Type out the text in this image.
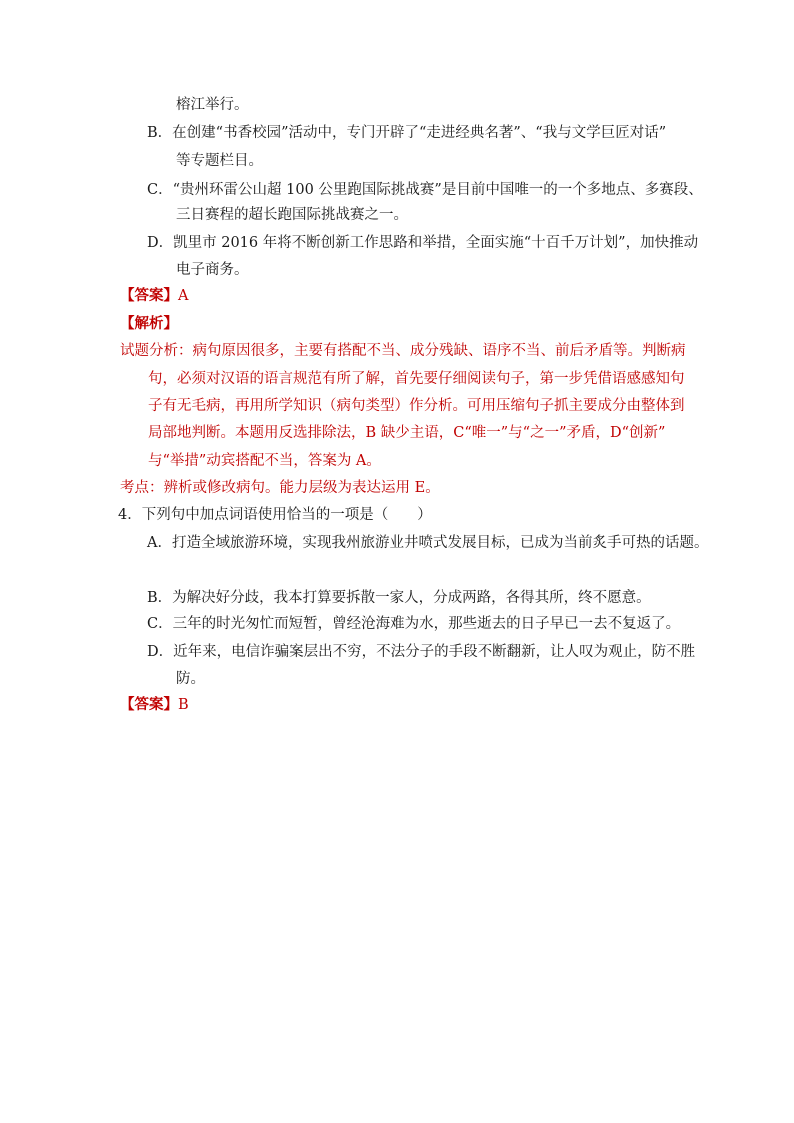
榕江举行。
B．在创建“书香校园”活动中，专门开辟了“走进经典名著”、“我与文学巨匠对话”
等专题栏目。
C．“贵州环雷公山超 100 公里跑国际挑战赛”是目前中国唯一的一个多地点、多赛段、
三日赛程的超长跑国际挑战赛之一。
D．凯里市 2016 年将不断创新工作思路和举措，全面实施“十百千万计划”，加快推动
电子商务。
【答案】A
【解析】
试题分析：病句原因很多，主要有搭配不当、成分残缺、语序不当、前后矛盾等。判断病
句，必须对汉语的语言规范有所了解，首先要仔细阅读句子，第一步凭借语感感知句
子有无毛病，再用所学知识（病句类型）作分析。可用压缩句子抓主要成分由整体到
局部地判断。本题用反选排除法，B 缺少主语，C“唯一”与“之一”矛盾，D“创新”
与“举措”动宾搭配不当，答案为 A。
考点：辨析或修改病句。能力层级为表达运用 E。
4．下列句中加点词语使用恰当的一项是（　　）
A．打造全域旅游环境，实现我州旅游业井喷式发展目标，已成为当前炙手可热的话题。
B．为解决好分歧，我本打算要拆散一家人，分成两路，各得其所，终不愿意。
C．三年的时光匆忙而短暂，曾经沧海难为水，那些逝去的日子早已一去不复返了。
D．近年来，电信诈骗案层出不穷，不法分子的手段不断翻新，让人叹为观止，防不胜
防。
【答案】B
